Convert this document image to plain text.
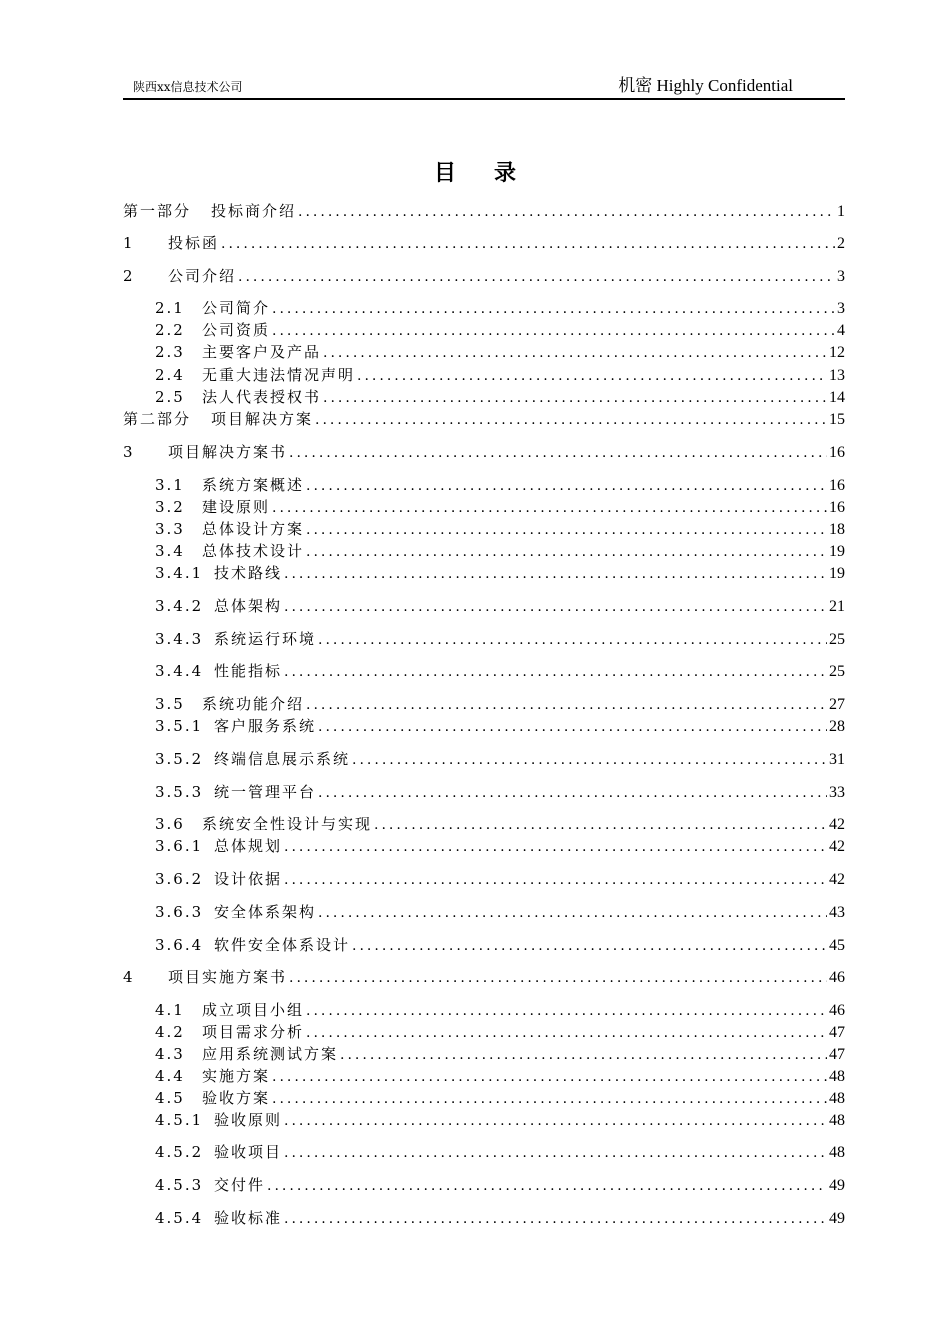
陕西xx信息技术公司	机密 Highly Confidential
目录
第一部分	投标商介绍 .....	1
1	投标函 .....	2
2	公司介绍 .....	3
2.1	公司简介 .....	3
2.2	公司资质 .....	4
2.3	主要客户及产品 .....	12
2.4	无重大违法情况声明 .....	13
2.5	法人代表授权书 .....	14
第二部分	项目解决方案 .....	15
3	项目解决方案书 .....	16
3.1	系统方案概述 .....	16
3.2	建设原则 .....	16
3.3	总体设计方案 .....	18
3.4	总体技术设计 .....	19
3.4.1 技术路线 .....	19
3.4.2 总体架构 .....	21
3.4.3 系统运行环境 .....	25
3.4.4 性能指标 .....	25
3.5	系统功能介绍 .....	27
3.5.1 客户服务系统 .....	28
3.5.2 终端信息展示系统 .....	31
3.5.3 统一管理平台 .....	33
3.6	系统安全性设计与实现 .....	42
3.6.1 总体规划 .....	42
3.6.2 设计依据 .....	42
3.6.3 安全体系架构 .....	43
3.6.4 软件安全体系设计 .....	45
4	项目实施方案书 .....	46
4.1	成立项目小组 .....	46
4.2	项目需求分析 .....	47
4.3	应用系统测试方案 .....	47
4.4	实施方案 .....	48
4.5	验收方案 .....	48
4.5.1 验收原则 .....	48
4.5.2 验收项目 .....	48
4.5.3 交付件 .....	49
4.5.4 验收标准 .....	49
